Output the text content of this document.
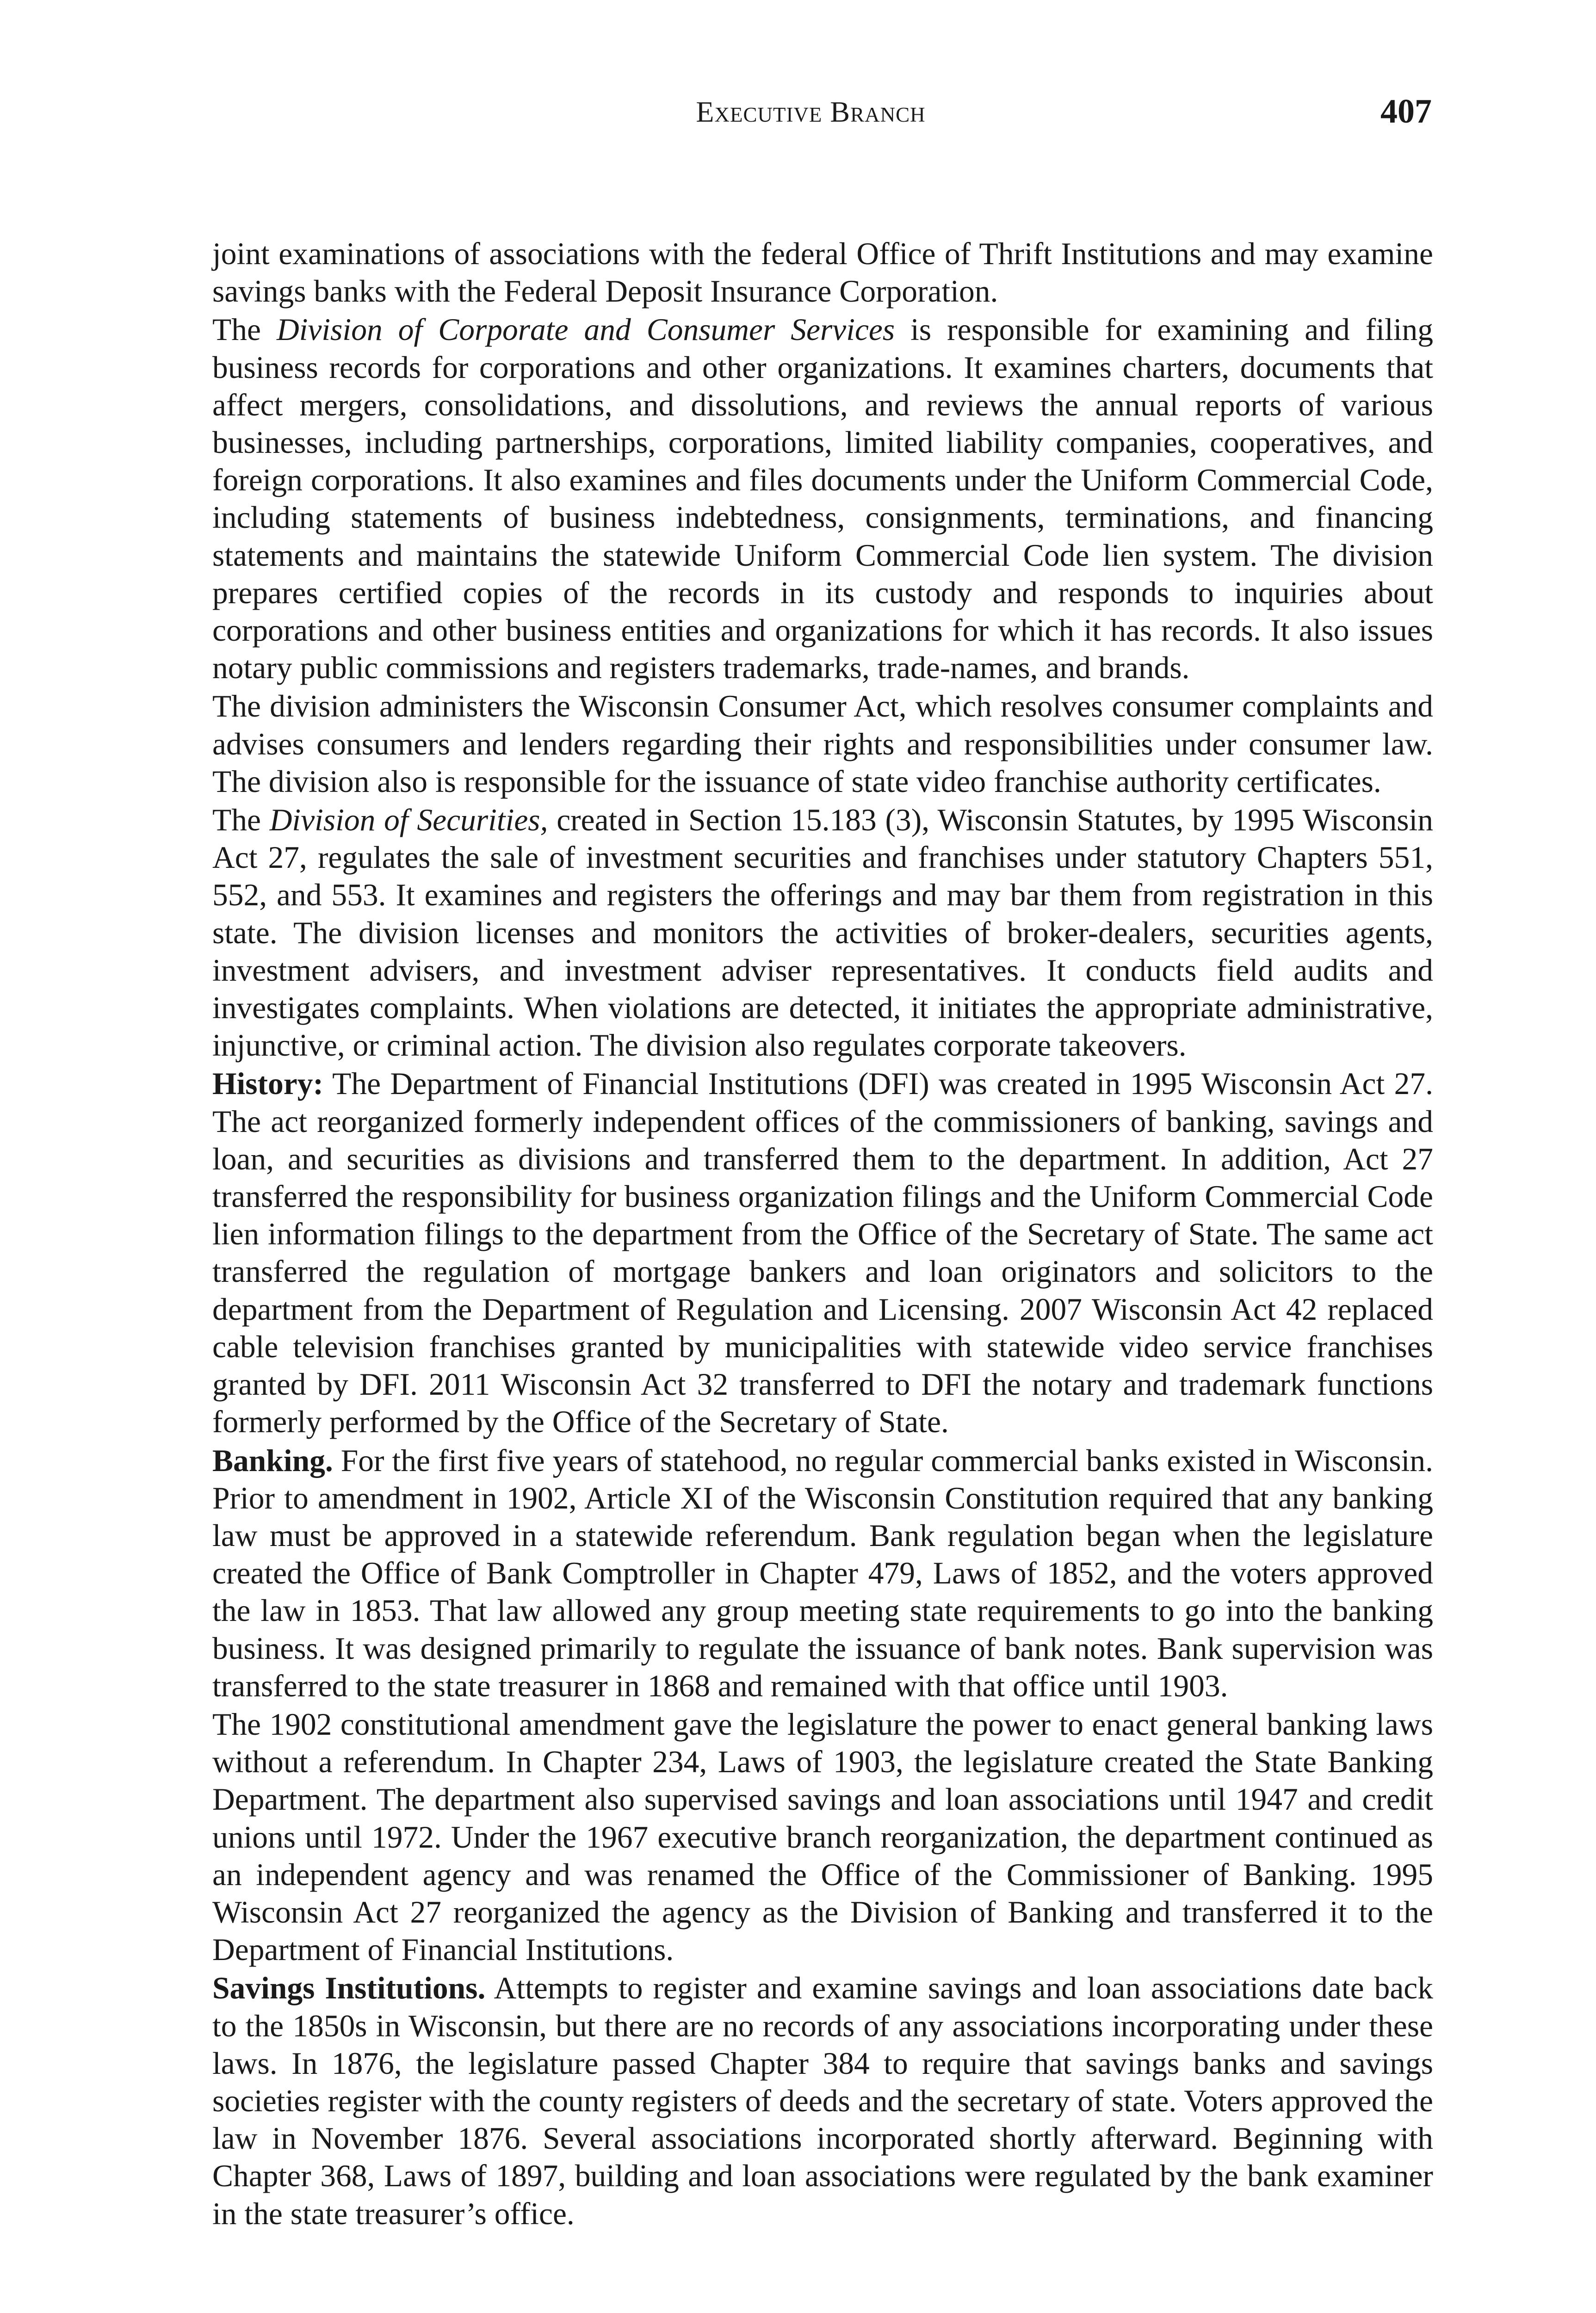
Executive Branch	407

joint examinations of associations with the federal Office of Thrift Institutions and may examine savings banks with the Federal Deposit Insurance Corporation.

The Division of Corporate and Consumer Services is responsible for examining and filing business records for corporations and other organizations. It examines charters, documents that affect mergers, consolidations, and dissolutions, and reviews the annual reports of various businesses, including partnerships, corporations, limited liability companies, cooperatives, and foreign corporations. It also examines and files documents under the Uniform Commercial Code, including statements of business indebtedness, consignments, terminations, and financing statements and maintains the statewide Uniform Commercial Code lien system. The division prepares certified copies of the records in its custody and responds to inquiries about corporations and other business entities and organizations for which it has records. It also issues notary public commissions and registers trademarks, trade-names, and brands.

The division administers the Wisconsin Consumer Act, which resolves consumer complaints and advises consumers and lenders regarding their rights and responsibilities under consumer law. The division also is responsible for the issuance of state video franchise authority certificates.

The Division of Securities, created in Section 15.183 (3), Wisconsin Statutes, by 1995 Wisconsin Act 27, regulates the sale of investment securities and franchises under statutory Chapters 551, 552, and 553. It examines and registers the offerings and may bar them from registration in this state. The division licenses and monitors the activities of broker-dealers, securities agents, investment advisers, and investment adviser representatives. It conducts field audits and investigates complaints. When violations are detected, it initiates the appropriate administrative, injunctive, or criminal action. The division also regulates corporate takeovers.

History: The Department of Financial Institutions (DFI) was created in 1995 Wisconsin Act 27. The act reorganized formerly independent offices of the commissioners of banking, savings and loan, and securities as divisions and transferred them to the department. In addition, Act 27 transferred the responsibility for business organization filings and the Uniform Commercial Code lien information filings to the department from the Office of the Secretary of State. The same act transferred the regulation of mortgage bankers and loan originators and solicitors to the department from the Department of Regulation and Licensing. 2007 Wisconsin Act 42 replaced cable television franchises granted by municipalities with statewide video service franchises granted by DFI. 2011 Wisconsin Act 32 transferred to DFI the notary and trademark functions formerly performed by the Office of the Secretary of State.

Banking. For the first five years of statehood, no regular commercial banks existed in Wisconsin. Prior to amendment in 1902, Article XI of the Wisconsin Constitution required that any banking law must be approved in a statewide referendum. Bank regulation began when the legislature created the Office of Bank Comptroller in Chapter 479, Laws of 1852, and the voters approved the law in 1853. That law allowed any group meeting state requirements to go into the banking business. It was designed primarily to regulate the issuance of bank notes. Bank supervision was transferred to the state treasurer in 1868 and remained with that office until 1903.

The 1902 constitutional amendment gave the legislature the power to enact general banking laws without a referendum. In Chapter 234, Laws of 1903, the legislature created the State Banking Department. The department also supervised savings and loan associations until 1947 and credit unions until 1972. Under the 1967 executive branch reorganization, the department continued as an independent agency and was renamed the Office of the Commissioner of Banking. 1995 Wisconsin Act 27 reorganized the agency as the Division of Banking and transferred it to the Department of Financial Institutions.

Savings Institutions. Attempts to register and examine savings and loan associations date back to the 1850s in Wisconsin, but there are no records of any associations incorporating under these laws. In 1876, the legislature passed Chapter 384 to require that savings banks and savings societies register with the county registers of deeds and the secretary of state. Voters approved the law in November 1876. Several associations incorporated shortly afterward. Beginning with Chapter 368, Laws of 1897, building and loan associations were regulated by the bank examiner in the state treasurer’s office.
